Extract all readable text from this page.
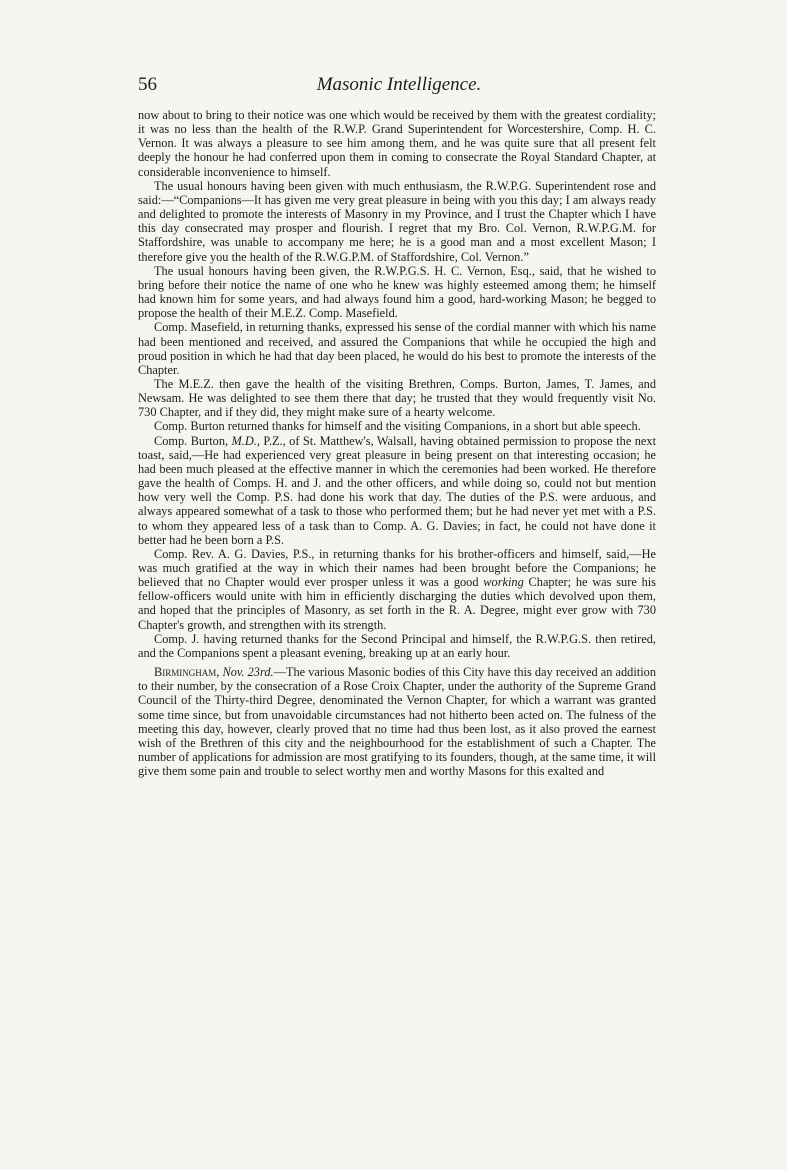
56	Masonic Intelligence.

now about to bring to their notice was one which would be received by them with the greatest cordiality; it was no less than the health of the R.W.P. Grand Superintendent for Worcestershire, Comp. H. C. Vernon. It was always a pleasure to see him among them, and he was quite sure that all present felt deeply the honour he had conferred upon them in coming to consecrate the Royal Standard Chapter, at considerable inconvenience to himself.

The usual honours having been given with much enthusiasm, the R.W.P.G. Superintendent rose and said:—“Companions—It has given me very great pleasure in being with you this day; I am always ready and delighted to promote the interests of Masonry in my Province, and I trust the Chapter which I have this day consecrated may prosper and flourish. I regret that my Bro. Col. Vernon, R.W.P.G.M. for Staffordshire, was unable to accompany me here; he is a good man and a most excellent Mason; I therefore give you the health of the R.W.G.P.M. of Staffordshire, Col. Vernon.”

The usual honours having been given, the R.W.P.G.S. H. C. Vernon, Esq., said, that he wished to bring before their notice the name of one who he knew was highly esteemed among them; he himself had known him for some years, and had always found him a good, hard-working Mason; he begged to propose the health of their M.E.Z. Comp. Masefield.

Comp. Masefield, in returning thanks, expressed his sense of the cordial manner with which his name had been mentioned and received, and assured the Companions that while he occupied the high and proud position in which he had that day been placed, he would do his best to promote the interests of the Chapter.

The M.E.Z. then gave the health of the visiting Brethren, Comps. Burton, James, T. James, and Newsam. He was delighted to see them there that day; he trusted that they would frequently visit No. 730 Chapter, and if they did, they might make sure of a hearty welcome.

Comp. Burton returned thanks for himself and the visiting Companions, in a short but able speech.

Comp. Burton, M.D., P.Z., of St. Matthew's, Walsall, having obtained permission to propose the next toast, said,—He had experienced very great pleasure in being present on that interesting occasion; he had been much pleased at the effective manner in which the ceremonies had been worked. He therefore gave the health of Comps. H. and J. and the other officers, and while doing so, could not but mention how very well the Comp. P.S. had done his work that day. The duties of the P.S. were arduous, and always appeared somewhat of a task to those who performed them; but he had never yet met with a P.S. to whom they appeared less of a task than to Comp. A. G. Davies; in fact, he could not have done it better had he been born a P.S.

Comp. Rev. A. G. Davies, P.S., in returning thanks for his brother-officers and himself, said,—He was much gratified at the way in which their names had been brought before the Companions; he believed that no Chapter would ever prosper unless it was a good working Chapter; he was sure his fellow-officers would unite with him in efficiently discharging the duties which devolved upon them, and hoped that the principles of Masonry, as set forth in the R. A. Degree, might ever grow with 730 Chapter's growth, and strengthen with its strength.

Comp. J. having returned thanks for the Second Principal and himself, the R.W.P.G.S. then retired, and the Companions spent a pleasant evening, breaking up at an early hour.

Birmingham, Nov. 23rd.—The various Masonic bodies of this City have this day received an addition to their number, by the consecration of a Rose Croix Chapter, under the authority of the Supreme Grand Council of the Thirty-third Degree, denominated the Vernon Chapter, for which a warrant was granted some time since, but from unavoidable circumstances had not hitherto been acted on. The fulness of the meeting this day, however, clearly proved that no time had thus been lost, as it also proved the earnest wish of the Brethren of this city and the neighbourhood for the establishment of such a Chapter. The number of applications for admission are most gratifying to its founders, though, at the same time, it will give them some pain and trouble to select worthy men and worthy Masons for this exalted and
